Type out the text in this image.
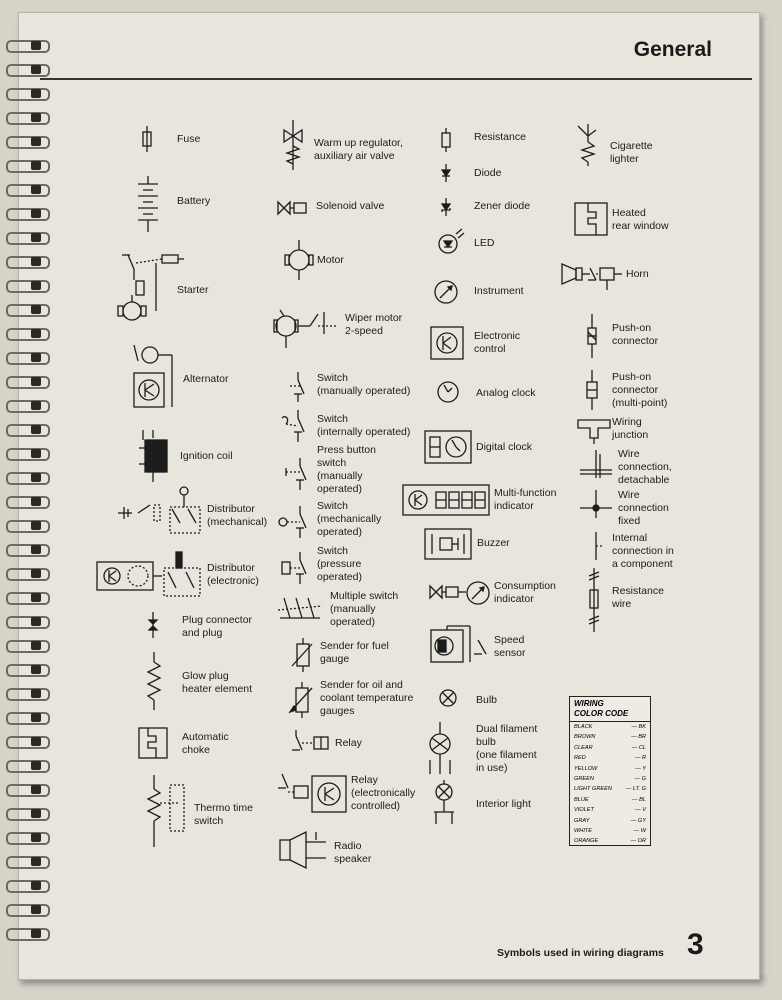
General
Fuse
Battery
Starter
Alternator
Ignition coil
Distributor
(mechanical)
Distributor
(electronic)
Plug connector
and plug
Glow plug
heater element
Automatic
choke
Thermo time
switch
Warm up regulator,
auxiliary air valve
Solenoid valve
Motor
Wiper motor
2-speed
Switch
(manually operated)
Switch
(internally operated)
Press button
switch
(manually
operated)
Switch
(mechanically
operated)
Switch
(pressure
operated)
Multiple switch
(manually
operated)
Sender for fuel
gauge
Sender for oil and
coolant temperature
gauges
Relay
Relay
(electronically
controlled)
Radio
speaker
Resistance
Diode
Zener diode
LED
Instrument
Electronic
control
Analog clock
Digital clock
Multi-function
indicator
Buzzer
Consumption
indicator
Speed
sensor
Bulb
Dual filament
bulb
(one filament
in use)
Interior light
Cigarette
lighter
Heated
rear window
Horn
Push-on
connector
Push-on
connector
(multi-point)
Wiring
junction
Wire
connection,
detachable
Wire
connection
fixed
Internal
connection in
a component
Resistance
wire
WIRING
COLOR CODE
BLACK	— BK
BROWN	— BR
CLEAR	— CL
RED	— R
YELLOW	— Y
GREEN	— G
LIGHT GREEN — LT. G
BLUE	— BL
VIOLET	— V
GRAY	— GY
WHITE	— W
ORANGE	— OR
Symbols used in wiring diagrams 3
